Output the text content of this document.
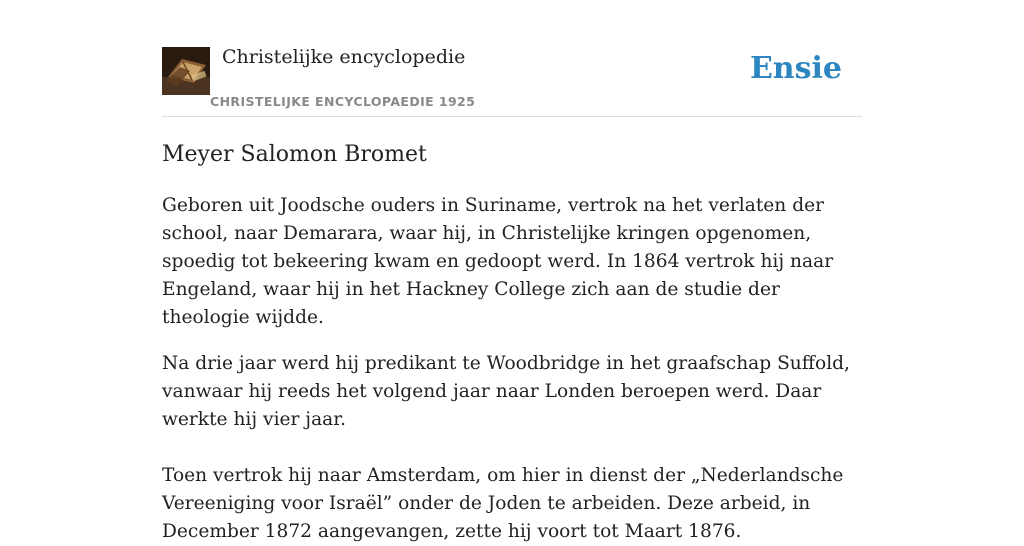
Christelijke encyclopedie
CHRISTELIJKE ENCYCLOPAEDIE 1925
Ensie
Meyer Salomon Bromet

Geboren uit Joodsche ouders in Suriname, vertrok na het verlaten der school, naar Demarara, waar hij, in Christelijke kringen opgenomen, spoedig tot bekeering kwam en gedoopt werd. In 1864 vertrok hij naar Engeland, waar hij in het Hackney College zich aan de studie der theologie wijdde.

Na drie jaar werd hij predikant te Woodbridge in het graafschap Suffold, vanwaar hij reeds het volgend jaar naar Londen beroepen werd. Daar werkte hij vier jaar.

Toen vertrok hij naar Amsterdam, om hier in dienst der „Nederlandsche Vereeniging voor Israël” onder de Joden te arbeiden. Deze arbeid, in December 1872 aangevangen, zette hij voort tot Maart 1876.
